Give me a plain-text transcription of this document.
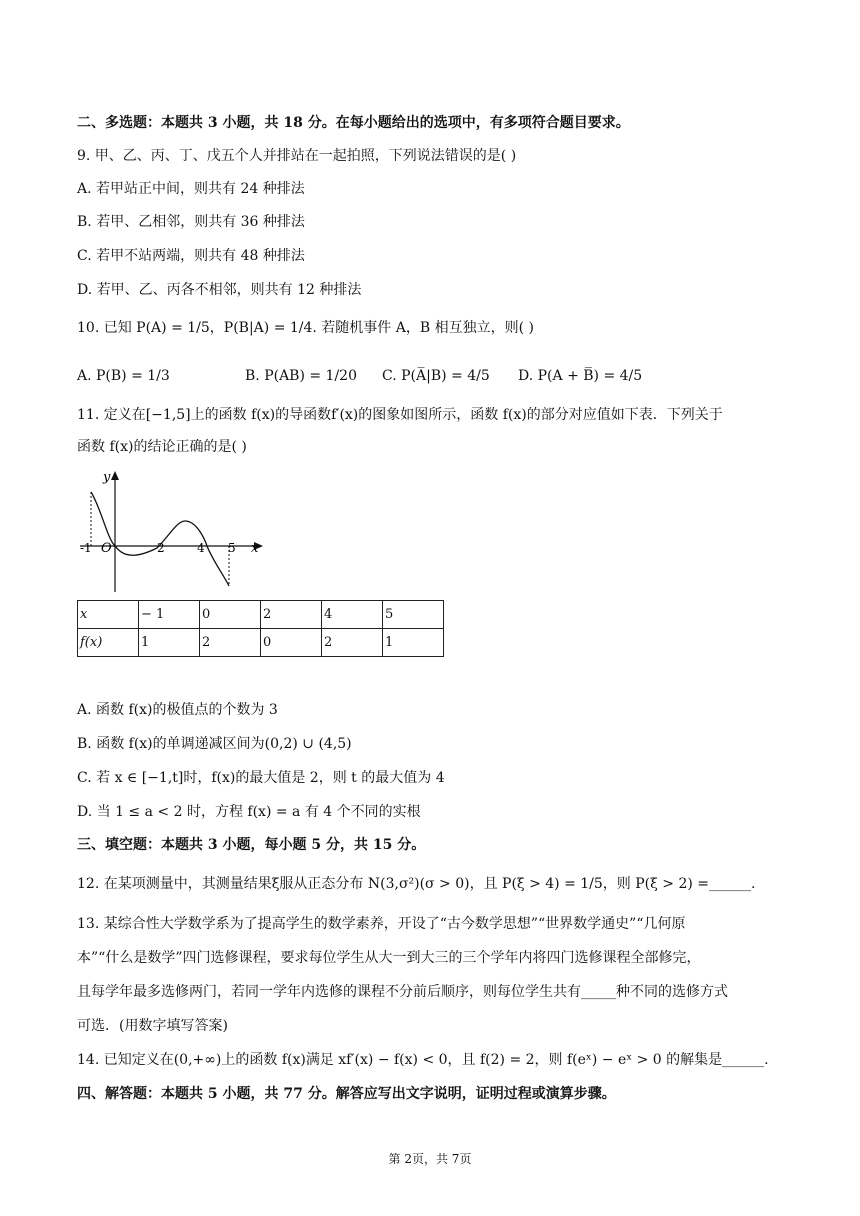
二、多选题：本题共 3 小题，共 18 分。在每小题给出的选项中，有多项符合题目要求。
9. 甲、乙、丙、丁、戊五个人并排站在一起拍照，下列说法错误的是( )
A. 若甲站正中间，则共有 24 种排法
B. 若甲、乙相邻，则共有 36 种排法
C. 若甲不站两端，则共有 48 种排法
D. 若甲、乙、丙各不相邻，则共有 12 种排法
10. 已知 P(A) = 1/5，P(B|A) = 1/4. 若随机事件 A，B 相互独立，则( )
A. P(B) = 1/3	B. P(AB) = 1/20 C. P(A̅|B) = 4/5 D. P(A + B̅) = 4/5
11. 定义在[−1,5]上的函数 f(x)的导函数f′(x)的图象如图所示，函数 f(x)的部分对应值如下表．下列关于
函数 f(x)的结论正确的是( )
y
x
O
-1	2	4 5
x	− 1	0	2	4	5
f(x)	1	2	0	2	1
A. 函数 f(x)的极值点的个数为 3
B. 函数 f(x)的单调递减区间为(0,2) ∪ (4,5)
C. 若 x ∈ [−1,t]时，f(x)的最大值是 2，则 t 的最大值为 4
D. 当 1 ≤ a < 2 时，方程 f(x) = a 有 4 个不同的实根
三、填空题：本题共 3 小题，每小题 5 分，共 15 分。
12. 在某项测量中，其测量结果ξ服从正态分布 N(3,σ²)(σ > 0)，且 P(ξ > 4) = 1/5，则 P(ξ > 2) =______.
13. 某综合性大学数学系为了提高学生的数学素养，开设了“古今数学思想”“世界数学通史”“几何原
本”“什么是数学”四门选修课程，要求每位学生从大一到大三的三个学年内将四门选修课程全部修完，
且每学年最多选修两门，若同一学年内选修的课程不分前后顺序，则每位学生共有_____种不同的选修方式
可选．(用数字填写答案)
14. 已知定义在(0,+∞)上的函数 f(x)满足 xf′(x) − f(x) < 0，且 f(2) = 2，则 f(eˣ) − eˣ > 0 的解集是______.
四、解答题：本题共 5 小题，共 77 分。解答应写出文字说明，证明过程或演算步骤。
第 2页，共 7页
